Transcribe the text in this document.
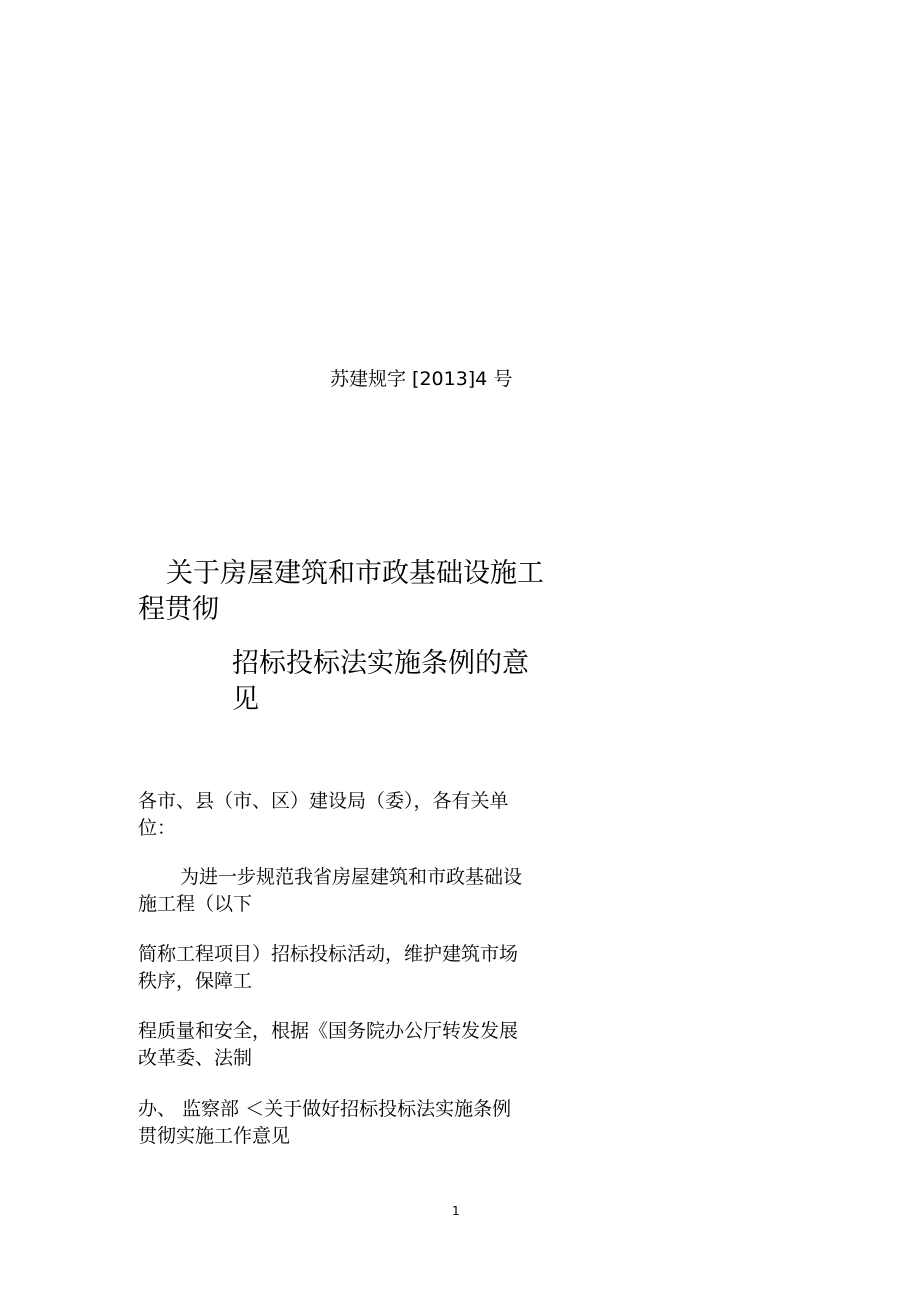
苏建规字 [2013]4 号
关于房屋建筑和市政基础设施工
程贯彻
招标投标法实施条例的意
见
各市、县（市、区）建设局（委），各有关单
位：
为进一步规范我省房屋建筑和市政基础设
施工程（以下
简称工程项目）招标投标活动，维护建筑市场
秩序，保障工
程质量和安全，根据《国务院办公厅转发发展
改革委、法制
办、 监察部 ＜关于做好招标投标法实施条例
贯彻实施工作意见
1
